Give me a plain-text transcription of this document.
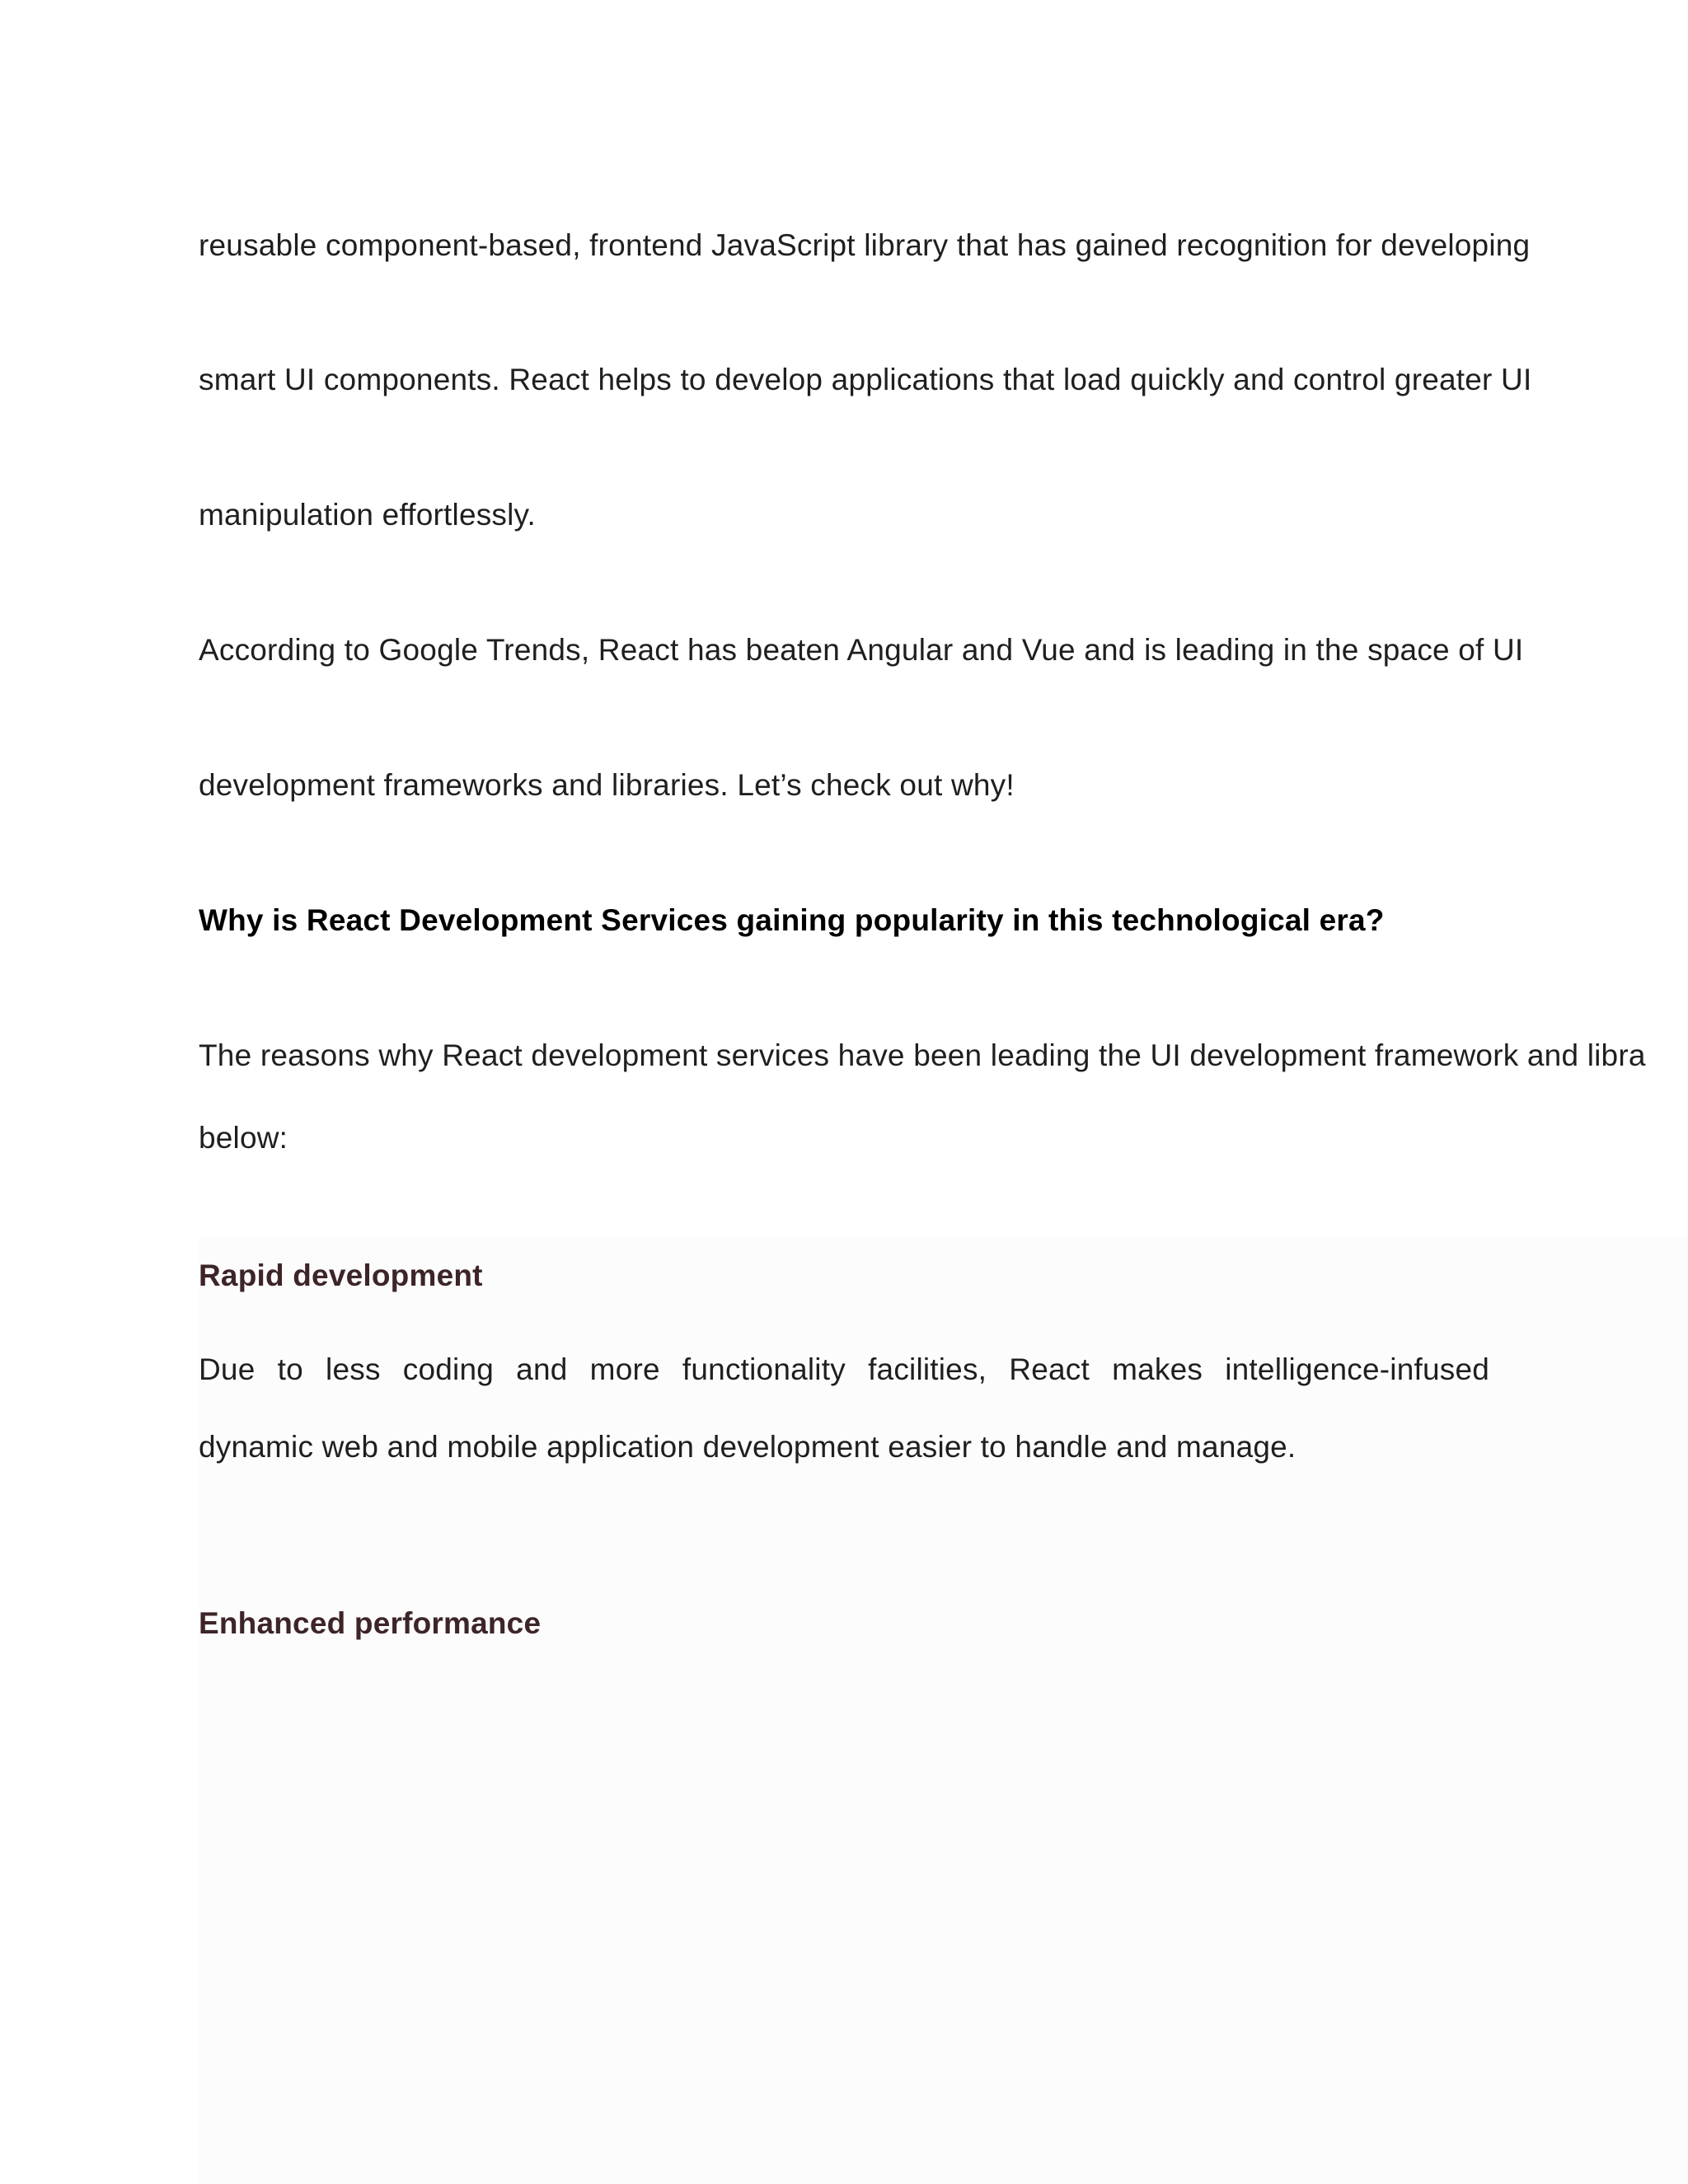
reusable component-based, frontend JavaScript library that has gained recognition for developing
smart UI components. React helps to develop applications that load quickly and control greater UI
manipulation effortlessly.
According to Google Trends, React has beaten Angular and Vue and is leading in the space of UI
development frameworks and libraries. Let’s check out why!
Why is React Development Services gaining popularity in this technological era?
The reasons why React development services have been leading the UI development framework and libra
below:
Rapid development
Due to less coding and more functionality facilities, React makes intelligence-infused
dynamic web and mobile application development easier to handle and manage.
Enhanced performance
